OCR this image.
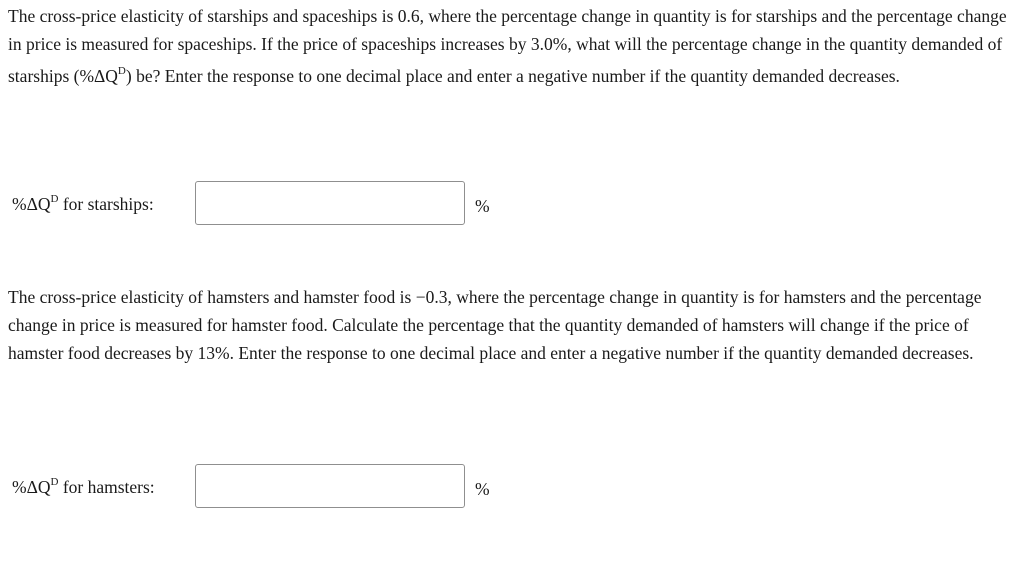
The cross-price elasticity of starships and spaceships is 0.6, where the percentage change in quantity is for starships and the percentage change in price is measured for spaceships. If the price of spaceships increases by 3.0%, what will the percentage change in the quantity demanded of starships $(\%\Delta Q^D)$ be? Enter the response to one decimal place and enter a negative number if the quantity demanded decreases.
$\%\Delta Q^D$ for starships:	%
The cross-price elasticity of hamsters and hamster food is −0.3, where the percentage change in quantity is for hamsters and the percentage change in price is measured for hamster food. Calculate the percentage that the quantity demanded of hamsters will change if the price of hamster food decreases by 13%. Enter the response to one decimal place and enter a negative number if the quantity demanded decreases.
$\%\Delta Q^D$ for hamsters:	%
